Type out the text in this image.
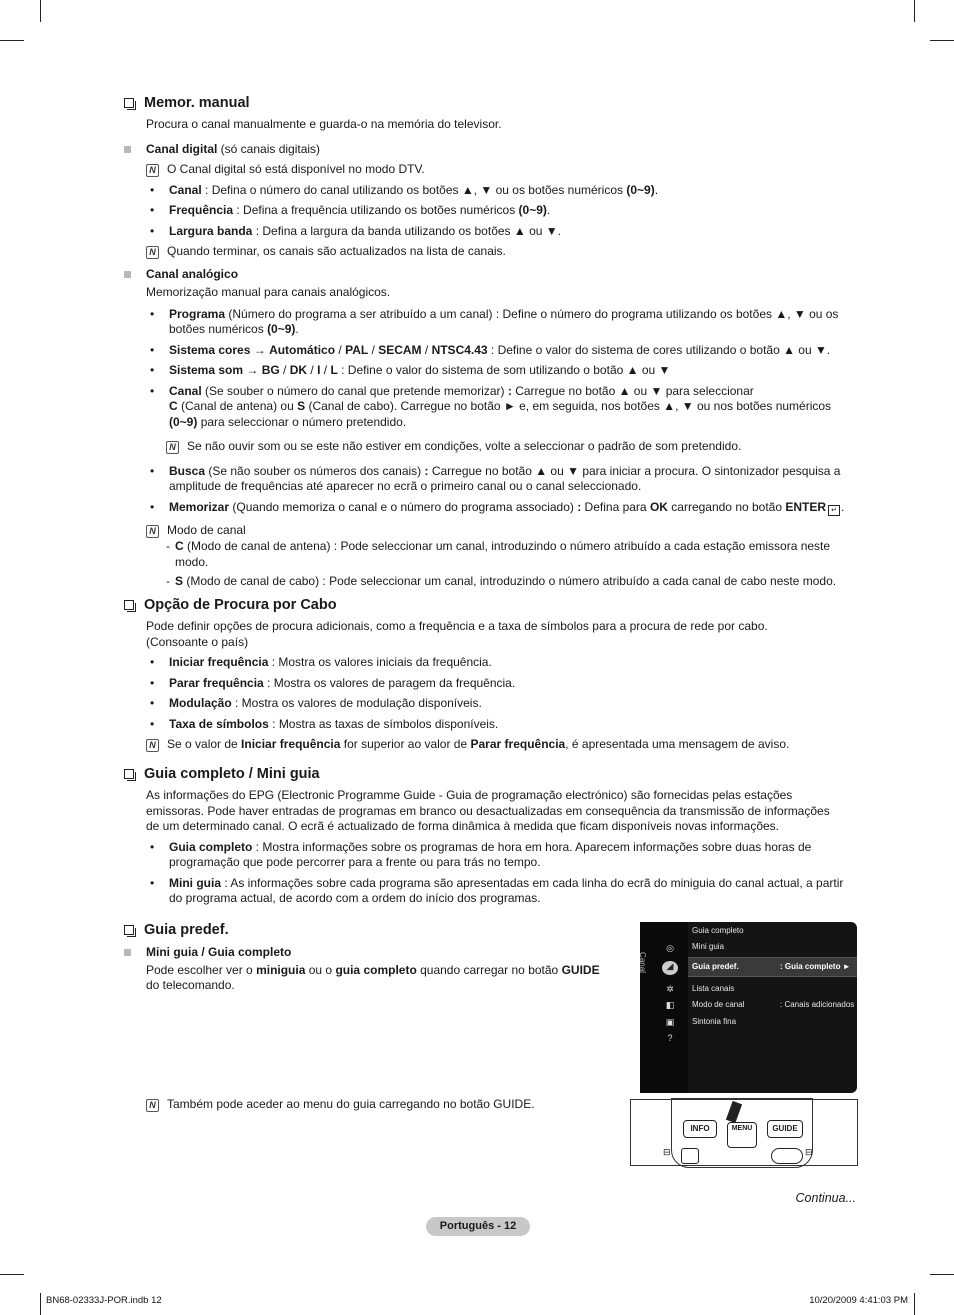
Memor. manual
Procura o canal manualmente e guarda-o na memória do televisor.
Canal digital (só canais digitais)
N O Canal digital só está disponível no modo DTV.
•	Canal : Defina o número do canal utilizando os botões ▲, ▼ ou os botões numéricos (0~9).
•	Frequência : Defina a frequência utilizando os botões numéricos (0~9).
•	Largura banda : Defina a largura da banda utilizando os botões ▲ ou ▼.
N Quando terminar, os canais são actualizados na lista de canais.
Canal analógico
Memorização manual para canais analógicos.
•	Programa (Número do programa a ser atribuído a um canal) : Define o número do programa utilizando os botões ▲, ▼ ou os botões numéricos (0~9).
•	Sistema cores → Automático / PAL / SECAM / NTSC4.43 : Define o valor do sistema de cores utilizando o botão ▲ ou ▼.
•	Sistema som → BG / DK / I / L : Define o valor do sistema de som utilizando o botão ▲ ou ▼
•	Canal (Se souber o número do canal que pretende memorizar) : Carregue no botão ▲ ou ▼ para seleccionar
C (Canal de antena) ou S (Canal de cabo). Carregue no botão ► e, em seguida, nos botões ▲, ▼ ou nos botões numéricos (0~9) para seleccionar o número pretendido.
N Se não ouvir som ou se este não estiver em condições, volte a seleccionar o padrão de som pretendido.
•	Busca (Se não souber os números dos canais) : Carregue no botão ▲ ou ▼ para iniciar a procura. O sintonizador pesquisa a amplitude de frequências até aparecer no ecrã o primeiro canal ou o canal seleccionado.
•	Memorizar (Quando memoriza o canal e o número do programa associado) : Defina para OK carregando no botão ENTER ↵ .
N Modo de canal
- C (Modo de canal de antena) : Pode seleccionar um canal, introduzindo o número atribuído a cada estação emissora neste modo.
- S (Modo de canal de cabo) : Pode seleccionar um canal, introduzindo o número atribuído a cada canal de cabo neste modo.
Opção de Procura por Cabo
Pode definir opções de procura adicionais, como a frequência e a taxa de símbolos para a procura de rede por cabo. (Consoante o país)
•	Iniciar frequência : Mostra os valores iniciais da frequência.
•	Parar frequência : Mostra os valores de paragem da frequência.
•	Modulação : Mostra os valores de modulação disponíveis.
•	Taxa de símbolos : Mostra as taxas de símbolos disponíveis.
N Se o valor de Iniciar frequência for superior ao valor de Parar frequência, é apresentada uma mensagem de aviso.
Guia completo / Mini guia
As informações do EPG (Electronic Programme Guide - Guia de programação electrónico) são fornecidas pelas estações emissoras. Pode haver entradas de programas em branco ou desactualizadas em consequência da transmissão de informações de um determinado canal. O ecrã é actualizado de forma dinâmica à medida que ficam disponíveis novas informações.
•	Guia completo : Mostra informações sobre os programas de hora em hora. Aparecem informações sobre duas horas de programação que pode percorrer para a frente ou para trás no tempo.
•	Mini guia : As informações sobre cada programa são apresentadas em cada linha do ecrã do miniguia do canal actual, a partir do programa actual, de acordo com a ordem do início dos programas.
Guia predef.
Mini guia / Guia completo
Pode escolher ver o miniguia ou o guia completo quando carregar no botão GUIDE do telecomando.
N Também pode aceder ao menu do guia carregando no botão GUIDE.
Canal
◎
◢
✲
◧
▣
?
Guia completo
Mini guia
Guia predef.	: Guia completo ►
Lista canais
Modo de canal	: Canais adicionados
Sintonia fina
INFO	MENU	GUIDE
⊟	⊟
Continua...
Português - 12
BN68-02333J-POR.indb 12	10/20/2009 4:41:03 PM
